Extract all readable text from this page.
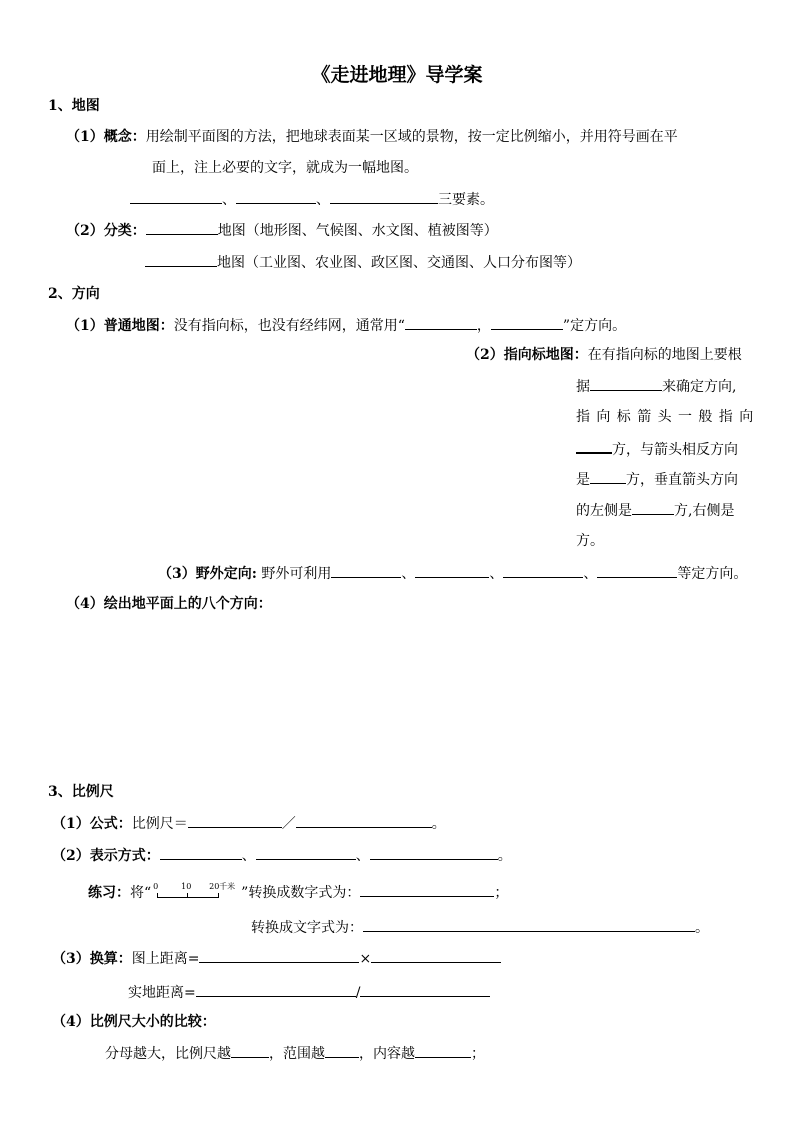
《走进地理》导学案
1、地图
（1）概念：用绘制平面图的方法，把地球表面某一区域的景物，按一定比例缩小，并用符号画在平
面上，注上必要的文字，就成为一幅地图。
、	、	三要素。
（2）分类：	地图（地形图、气候图、水文图、植被图等）
地图（工业图、农业图、政区图、交通图、人口分布图等）
2、方向
（1）普通地图：没有指向标，也没有经纬网，通常用“	，	”定方向。
（2）指向标地图：在有指向标的地图上要根
据	来确定方向,
指向标箭头一般指向
方，与箭头相反方向
是	方，垂直箭头方向
的左侧是	方,右侧是
方。
（3）野外定向: 野外可利用	、	、	、	等定方向。
（4）绘出地平面上的八个方向：
3、比例尺
（1）公式：比例尺＝	／	。
（2）表示方式：	、	、	。
练习：将“ 0	10 20 千米 ”转换成数字式为：	；
转换成文字式为：	。
（3）换算：图上距离=	×
实地距离=	/
（4）比例尺大小的比较：
分母越大，比例尺越	，范围越 ，内容越	；
